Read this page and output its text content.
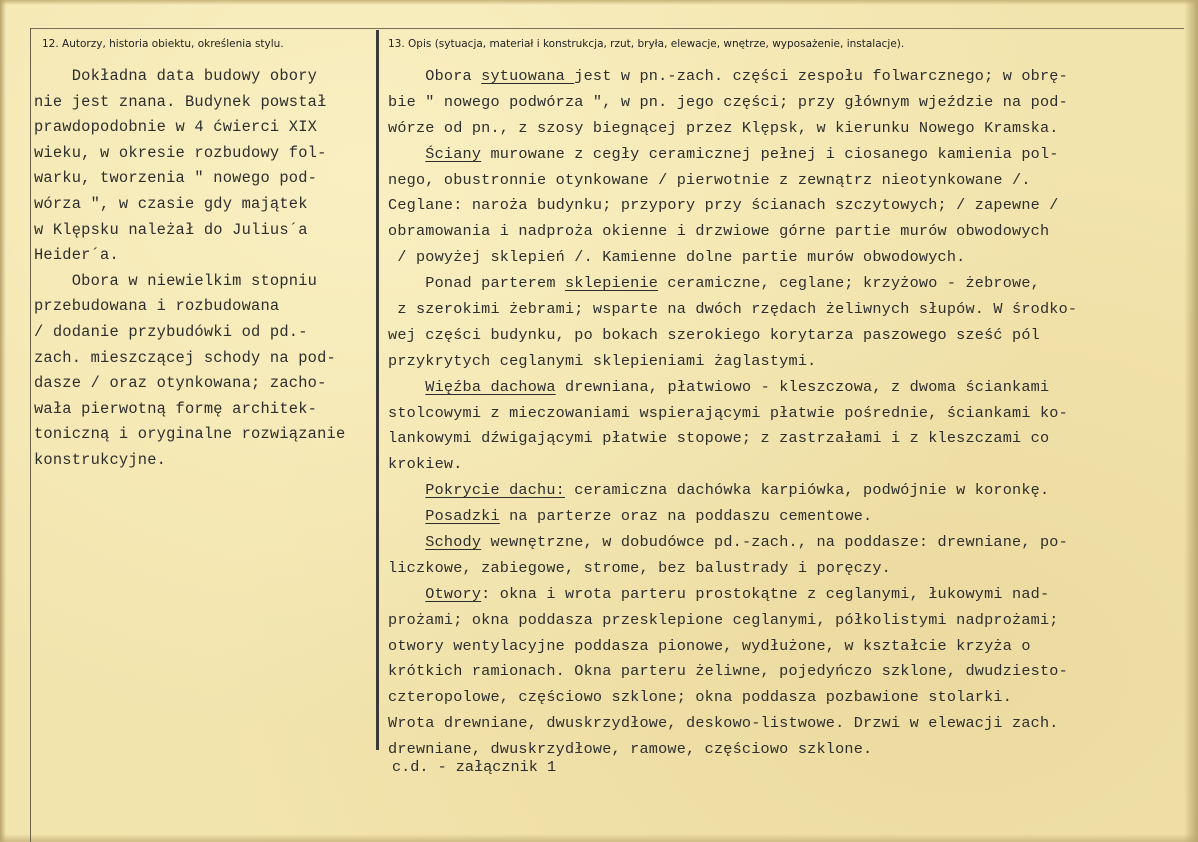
12. Autorzy, historia obiektu, określenia stylu.	13. Opis (sytuacja, materiał i konstrukcja, rzut, bryła, elewacje, wnętrze, wyposażenie, instalacje).
Dokładna data budowy obory
nie jest znana. Budynek powstał
prawdopodobnie w 4 ćwierci XIX
wieku, w okresie rozbudowy fol-
warku, tworzenia " nowego pod-
wórza ", w czasie gdy majątek
w Klępsku należał do Julius´a
Heider´a.
Obora w niewielkim stopniu
przebudowana i rozbudowana
/ dodanie przybudówki od pd.-
zach. mieszczącej schody na pod-
dasze / oraz otynkowana; zacho-
wała pierwotną formę architek-
toniczną i oryginalne rozwiązanie
konstrukcyjne.
Obora sytuowana jest w pn.-zach. części zespołu folwarcznego; w obrę-
bie " nowego podwórza ", w pn. jego części; przy głównym wjeździe na pod-
wórze od pn., z szosy biegnącej przez Klępsk, w kierunku Nowego Kramska.
Ściany murowane z cegły ceramicznej pełnej i ciosanego kamienia pol-
nego, obustronnie otynkowane / pierwotnie z zewnątrz nieotynkowane /.
Ceglane: naroża budynku; przypory przy ścianach szczytowych; / zapewne /
obramowania i nadproża okienne i drzwiowe górne partie murów obwodowych
/ powyżej sklepień /. Kamienne dolne partie murów obwodowych.
Ponad parterem sklepienie ceramiczne, ceglane; krzyżowo - żebrowe,
z szerokimi żebrami; wsparte na dwóch rzędach żeliwnych słupów. W środko-
wej części budynku, po bokach szerokiego korytarza paszowego sześć pól
przykrytych ceglanymi sklepieniami żaglastymi.
Więźba dachowa drewniana, płatwiowo - kleszczowa, z dwoma ściankami
stolcowymi z mieczowaniami wspierającymi płatwie pośrednie, ściankami ko-
lankowymi dźwigającymi płatwie stopowe; z zastrzałami i z kleszczami co
krokiew.
Pokrycie dachu: ceramiczna dachówka karpiówka, podwójnie w koronkę.
Posadzki na parterze oraz na poddaszu cementowe.
Schody wewnętrzne, w dobudówce pd.-zach., na poddasze: drewniane, po-
liczkowe, zabiegowe, strome, bez balustrady i poręczy.
Otwory: okna i wrota parteru prostokątne z ceglanymi, łukowymi nad-
prożami; okna poddasza przesklepione ceglanymi, półkolistymi nadprożami;
otwory wentylacyjne poddasza pionowe, wydłużone, w kształcie krzyża o
krótkich ramionach. Okna parteru żeliwne, pojedyńczo szklone, dwudziesto-
czteropolowe, częściowo szklone; okna poddasza pozbawione stolarki.
Wrota drewniane, dwuskrzydłowe, deskowo-listwowe. Drzwi w elewacji zach.
drewniane, dwuskrzydłowe, ramowe, częściowo szklone.
c.d. - załącznik 1
